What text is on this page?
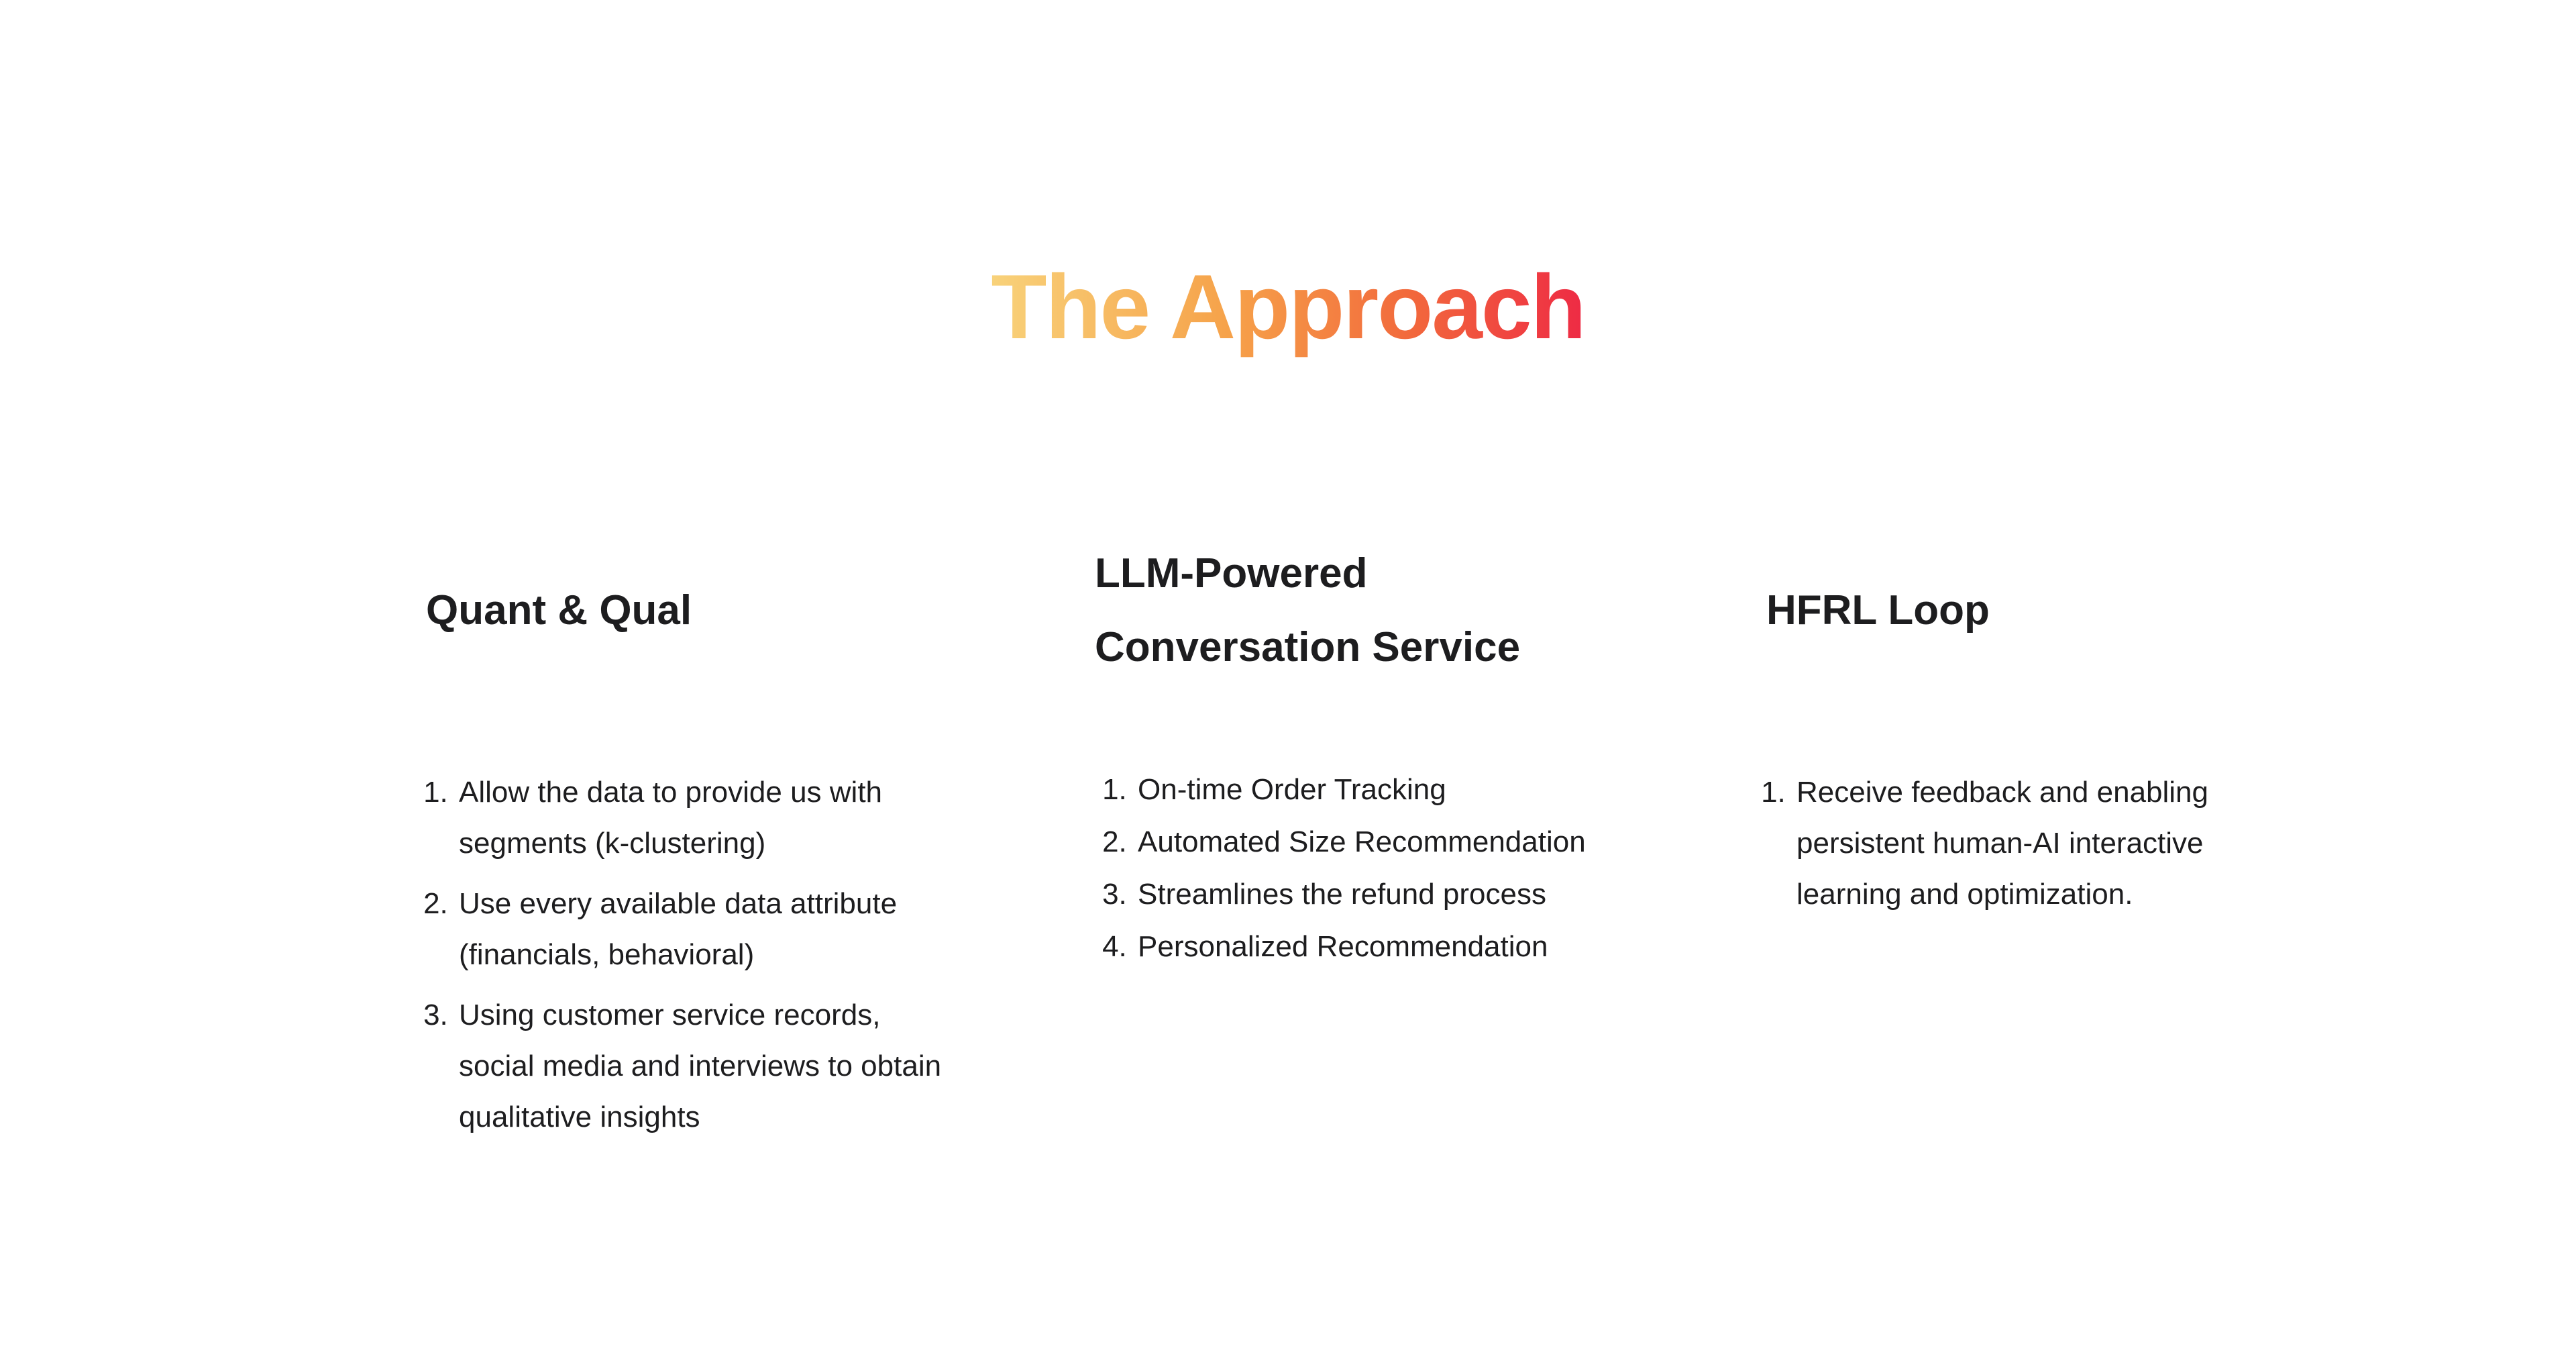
The Approach
Quant & Qual
1. Allow the data to provide us with segments (k-clustering)
2. Use every available data attribute (financials, behavioral)
3. Using customer service records, social media and interviews to obtain qualitative insights
LLM-Powered
Conversation Service
1. On-time Order Tracking
2. Automated Size Recommendation
3. Streamlines the refund process
4. Personalized Recommendation
HFRL Loop
1. Receive feedback and enabling persistent human-AI interactive learning and optimization.
